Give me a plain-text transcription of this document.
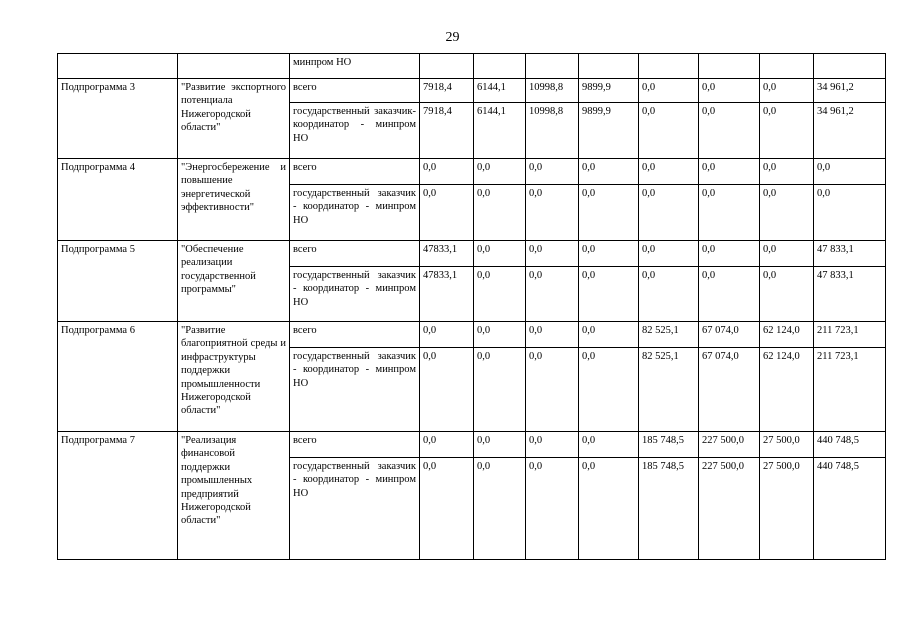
29
		минпром НО								
Подпрограмма 3	"Развитие экспортного потенциала Нижегородской области"	всего	7918,4	6144,1	10998,8	9899,9	0,0	0,0	0,0	34 961,2
		государственный заказчик-координатор - минпром НО	7918,4	6144,1	10998,8	9899,9	0,0	0,0	0,0	34 961,2
Подпрограмма 4	"Энергосбережение и повышение энергетической эффективности"	всего	0,0	0,0	0,0	0,0	0,0	0,0	0,0	0,0
		государственный заказчик - координатор - минпром НО	0,0	0,0	0,0	0,0	0,0	0,0	0,0	0,0
Подпрограмма 5	"Обеспечение реализации государственной программы"	всего	47833,1	0,0	0,0	0,0	0,0	0,0	0,0	47 833,1
		государственный заказчик - координатор - минпром НО	47833,1	0,0	0,0	0,0	0,0	0,0	0,0	47 833,1
Подпрограмма 6	"Развитие благоприятной среды и инфраструктуры поддержки промышленности Нижегородской области"	всего	0,0	0,0	0,0	0,0	82 525,1	67 074,0	62 124,0	211 723,1
		государственный заказчик - координатор - минпром НО	0,0	0,0	0,0	0,0	82 525,1	67 074,0	62 124,0	211 723,1
Подпрограмма 7	"Реализация финансовой поддержки промышленных предприятий Нижегородской области"	всего	0,0	0,0	0,0	0,0	185 748,5	227 500,0	27 500,0	440 748,5
		государственный заказчик - координатор - минпром НО	0,0	0,0	0,0	0,0	185 748,5	227 500,0	27 500,0	440 748,5
